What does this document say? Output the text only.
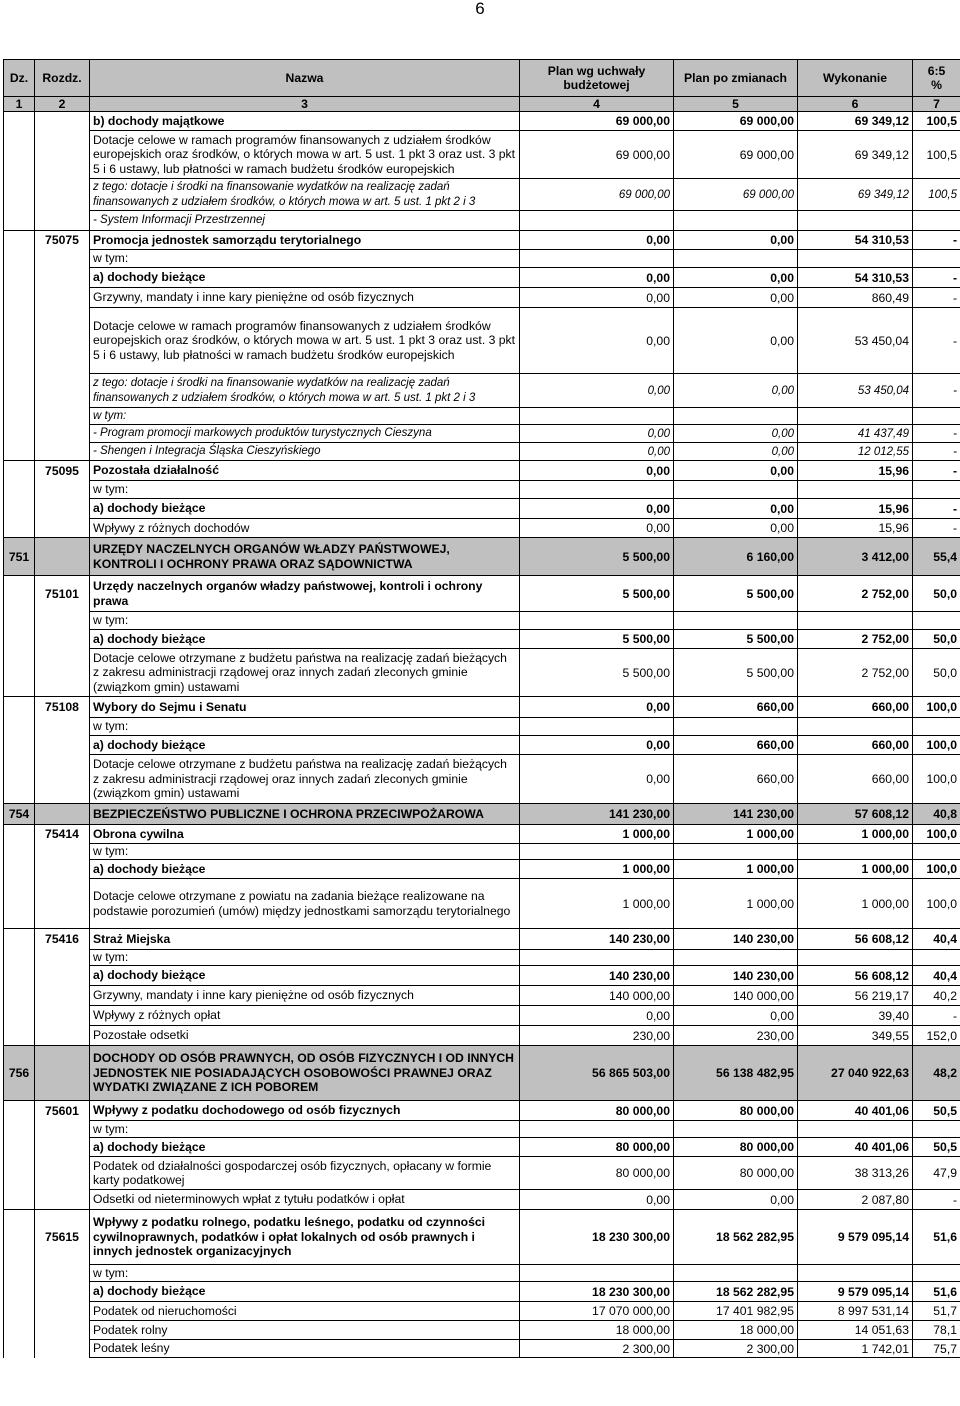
6
Dz.	Rozdz.	Nazwa	Plan wg uchwały budżetowej	Plan po zmianach	Wykonanie	6:5
%

1	2	3	4	5	6	7
		b) dochody majątkowe	69 000,00	69 000,00	69 349,12	100,5
		Dotacje celowe w ramach programów finansowanych z udziałem środków europejskich oraz środków, o których mowa w art. 5 ust. 1 pkt 3 oraz ust. 3 pkt 5 i 6 ustawy, lub płatności w ramach budżetu środków europejskich	69 000,00	69 000,00	69 349,12	100,5
		z tego: dotacje i środki na finansowanie wydatków na realizację zadań finansowanych z udziałem środków, o których mowa w art. 5 ust. 1 pkt 2 i 3	69 000,00	69 000,00	69 349,12	100,5
		- System Informacji Przestrzennej				
	75075	Promocja jednostek samorządu terytorialnego	0,00	0,00	54 310,53	-
		w tym:				
		a) dochody bieżące	0,00	0,00	54 310,53	-
		Grzywny, mandaty i inne kary pieniężne od osób fizycznych	0,00	0,00	860,49	-
		Dotacje celowe w ramach programów finansowanych z udziałem środków europejskich oraz środków, o których mowa w art. 5 ust. 1 pkt 3 oraz ust. 3 pkt 5 i 6 ustawy, lub płatności w ramach budżetu środków europejskich	0,00	0,00	53 450,04	-
		z tego: dotacje i środki na finansowanie wydatków na realizację zadań finansowanych z udziałem środków, o których mowa w art. 5 ust. 1 pkt 2 i 3	0,00	0,00	53 450,04	-
		w tym:				
		- Program promocji markowych produktów turystycznych Cieszyna	0,00	0,00	41 437,49	-
		- Shengen i Integracja Śląska Cieszyńskiego	0,00	0,00	12 012,55	-
	75095	Pozostała działalność	0,00	0,00	15,96	-
		w tym:				
		a) dochody bieżące	0,00	0,00	15,96	-
		Wpływy z różnych dochodów	0,00	0,00	15,96	-
751		URZĘDY NACZELNYCH ORGANÓW WŁADZY PAŃSTWOWEJ, KONTROLI I OCHRONY PRAWA ORAZ SĄDOWNICTWA	5 500,00	6 160,00	3 412,00	55,4
	75101	Urzędy naczelnych organów władzy państwowej, kontroli i ochrony prawa	5 500,00	5 500,00	2 752,00	50,0
		w tym:				
		a) dochody bieżące	5 500,00	5 500,00	2 752,00	50,0
		Dotacje celowe otrzymane z budżetu państwa na realizację zadań bieżących z zakresu administracji rządowej oraz innych zadań zleconych gminie (związkom gmin) ustawami	5 500,00	5 500,00	2 752,00	50,0
	75108	Wybory do Sejmu i Senatu	0,00	660,00	660,00	100,0
		w tym:				
		a) dochody bieżące	0,00	660,00	660,00	100,0
		Dotacje celowe otrzymane z budżetu państwa na realizację zadań bieżących z zakresu administracji rządowej oraz innych zadań zleconych gminie (związkom gmin) ustawami	0,00	660,00	660,00	100,0
754		BEZPIECZEŃSTWO PUBLICZNE I OCHRONA PRZECIWPOŻAROWA	141 230,00	141 230,00	57 608,12	40,8
	75414	Obrona cywilna	1 000,00	1 000,00	1 000,00	100,0
		w tym:				
		a) dochody bieżące	1 000,00	1 000,00	1 000,00	100,0
		Dotacje celowe otrzymane z powiatu na zadania bieżące realizowane na podstawie porozumień (umów) między jednostkami samorządu terytorialnego	1 000,00	1 000,00	1 000,00	100,0
	75416	Straż Miejska	140 230,00	140 230,00	56 608,12	40,4
		w tym:				
		a) dochody bieżące	140 230,00	140 230,00	56 608,12	40,4
		Grzywny, mandaty i inne kary pieniężne od osób fizycznych	140 000,00	140 000,00	56 219,17	40,2
		Wpływy z różnych opłat	0,00	0,00	39,40	-
		Pozostałe odsetki	230,00	230,00	349,55	152,0
756		DOCHODY OD OSÓB PRAWNYCH, OD OSÓB FIZYCZNYCH I OD INNYCH JEDNOSTEK NIE POSIADAJĄCYCH OSOBOWOŚCI PRAWNEJ ORAZ WYDATKI ZWIĄZANE Z ICH POBOREM	56 865 503,00	56 138 482,95	27 040 922,63	48,2
	75601	Wpływy z podatku dochodowego od osób fizycznych	80 000,00	80 000,00	40 401,06	50,5
		w tym:				
		a) dochody bieżące	80 000,00	80 000,00	40 401,06	50,5
		Podatek od działalności gospodarczej osób fizycznych, opłacany w formie karty podatkowej	80 000,00	80 000,00	38 313,26	47,9
		Odsetki od nieterminowych wpłat z tytułu podatków i opłat	0,00	0,00	2 087,80	-
	75615	Wpływy z podatku rolnego, podatku leśnego, podatku od czynności cywilnoprawnych, podatków i opłat lokalnych od osób prawnych i innych jednostek organizacyjnych	18 230 300,00	18 562 282,95	9 579 095,14	51,6
		w tym:				
		a) dochody bieżące	18 230 300,00	18 562 282,95	9 579 095,14	51,6
		Podatek od nieruchomości	17 070 000,00	17 401 982,95	8 997 531,14	51,7
		Podatek rolny	18 000,00	18 000,00	14 051,63	78,1
		Podatek leśny	2 300,00	2 300,00	1 742,01	75,7
